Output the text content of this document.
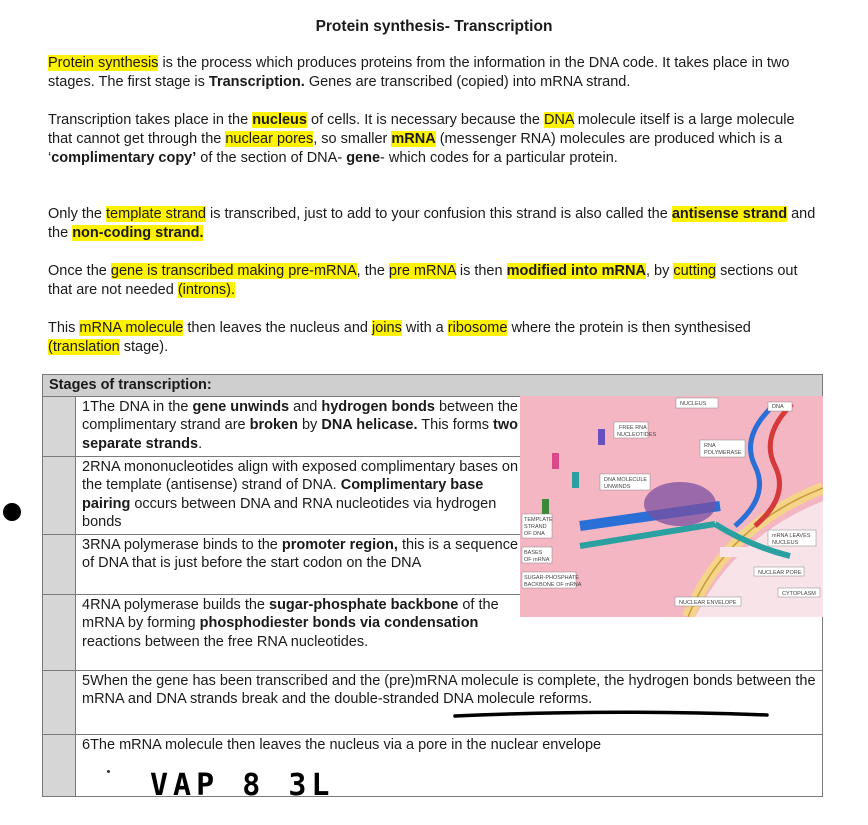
Protein synthesis- Transcription
Protein synthesis is the process which produces proteins from the information in the DNA code. It takes place in two stages. The first stage is Transcription. Genes are transcribed (copied) into mRNA strand.
Transcription takes place in the nucleus of cells. It is necessary because the DNA molecule itself is a large molecule that cannot get through the nuclear pores, so smaller mRNA (messenger RNA) molecules are produced which is a ‘complimentary copy’ of the section of DNA- gene- which codes for a particular protein.
Only the template strand is transcribed, just to add to your confusion this strand is also called the antisense strand and the non-coding strand.
Once the gene is transcribed making pre-mRNA, the pre mRNA is then modified into mRNA, by cutting sections out that are not needed (introns).
This mRNA molecule then leaves the nucleus and joins with a ribosome where the protein is then synthesised (translation stage).
Stages of transcription:	

	1The DNA in the gene unwinds and hydrogen bonds between the complimentary strand are broken by DNA helicase. This forms two separate strands.

	2RNA mononucleotides align with exposed complimentary bases on the template (antisense) strand of DNA. Complimentary base pairing occurs between DNA and RNA nucleotides via hydrogen bonds

	3RNA polymerase binds to the promoter region, this is a sequence of DNA that is just before the start codon on the DNA

	4RNA polymerase builds the sugar-phosphate backbone of the mRNA by forming phosphodiester bonds via condensation reactions between the free RNA nucleotides.

	5When the gene has been transcribed and the (pre)mRNA molecule is complete, the hydrogen bonds between the mRNA and DNA strands break and the double-stranded DNA molecule reforms.
	6The mRNA molecule then leaves the nucleus via a pore in the nuclear envelope
NUCLEUS	DNA
FREE RNA
NUCLEOTIDES
RNA
POLYMERASE
DNA MOLECULE
UNWINDS
TEMPLATE
STRAND
OF DNA
BASES
OF mRNA
SUGAR-PHOSPHATE
BACKBONE OF mRNA
mRNA LEAVES
NUCLEUS
NUCLEAR PORE
CYTOPLASM
NUCLEAR ENVELOPE
VAP 8 3L
